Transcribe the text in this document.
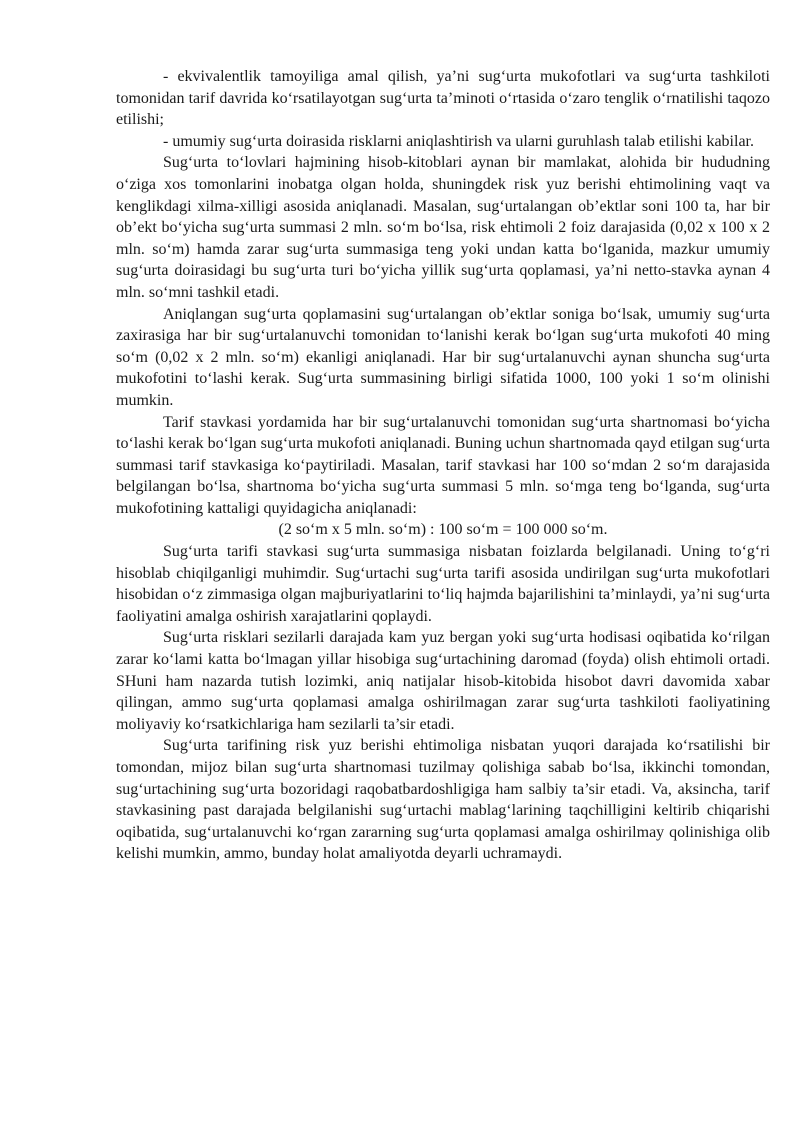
- ekvivalentlik tamoyiliga amal qilish, ya’ni sug‘urta mukofotlari va sug‘urta tashkiloti tomonidan tarif davrida ko‘rsatilayotgan sug‘urta ta’minoti o‘rtasida o‘zaro tenglik o‘rnatilishi taqozo etilishi;

- umumiy sug‘urta doirasida risklarni aniqlashtirish va ularni guruhlash talab etilishi kabilar.

Sug‘urta to‘lovlari hajmining hisob-kitoblari aynan bir mamlakat, alohida bir hududning o‘ziga xos tomonlarini inobatga olgan holda, shuningdek risk yuz berishi ehtimolining vaqt va kenglikdagi xilma-xilligi asosida aniqlanadi. Masalan, sug‘urtalangan ob’ektlar soni 100 ta, har bir ob’ekt bo‘yicha sug‘urta summasi 2 mln. so‘m bo‘lsa, risk ehtimoli 2 foiz darajasida (0,02 x 100 x 2 mln. so‘m) hamda zarar sug‘urta summasiga teng yoki undan katta bo‘lganida, mazkur umumiy sug‘urta doirasidagi bu sug‘urta turi bo‘yicha yillik sug‘urta qoplamasi, ya’ni netto-stavka aynan 4 mln. so‘mni tashkil etadi.

Aniqlangan sug‘urta qoplamasini sug‘urtalangan ob’ektlar soniga bo‘lsak, umumiy sug‘urta zaxirasiga har bir sug‘urtalanuvchi tomonidan to‘lanishi kerak bo‘lgan sug‘urta mukofoti 40 ming so‘m (0,02 x 2 mln. so‘m) ekanligi aniqlanadi. Har bir sug‘urtalanuvchi aynan shuncha sug‘urta mukofotini to‘lashi kerak. Sug‘urta summasining birligi sifatida 1000, 100 yoki 1 so‘m olinishi mumkin.

Tarif stavkasi yordamida har bir sug‘urtalanuvchi tomonidan sug‘urta shartnomasi bo‘yicha to‘lashi kerak bo‘lgan sug‘urta mukofoti aniqlanadi. Buning uchun shartnomada qayd etilgan sug‘urta summasi tarif stavkasiga ko‘paytiriladi. Masalan, tarif stavkasi har 100 so‘mdan 2 so‘m darajasida belgilangan bo‘lsa, shartnoma bo‘yicha sug‘urta summasi 5 mln. so‘mga teng bo‘lganda, sug‘urta mukofotining kattaligi quyidagicha aniqlanadi:

(2 so‘m x 5 mln. so‘m) : 100 so‘m = 100 000 so‘m.

Sug‘urta tarifi stavkasi sug‘urta summasiga nisbatan foizlarda belgilanadi. Uning to‘g‘ri hisoblab chiqilganligi muhimdir. Sug‘urtachi sug‘urta tarifi asosida undirilgan sug‘urta mukofotlari hisobidan o‘z zimmasiga olgan majburiyatlarini to‘liq hajmda bajarilishini ta’minlaydi, ya’ni sug‘urta faoliyatini amalga oshirish xarajatlarini qoplaydi.

Sug‘urta risklari sezilarli darajada kam yuz bergan yoki sug‘urta hodisasi oqibatida ko‘rilgan zarar ko‘lami katta bo‘lmagan yillar hisobiga sug‘urtachining daromad (foyda) olish ehtimoli ortadi. SHuni ham nazarda tutish lozimki, aniq natijalar hisob-kitobida hisobot davri davomida xabar qilingan, ammo sug‘urta qoplamasi amalga oshirilmagan zarar sug‘urta tashkiloti faoliyatining moliyaviy ko‘rsatkichlariga ham sezilarli ta’sir etadi.

Sug‘urta tarifining risk yuz berishi ehtimoliga nisbatan yuqori darajada ko‘rsatilishi bir tomondan, mijoz bilan sug‘urta shartnomasi tuzilmay qolishiga sabab bo‘lsa, ikkinchi tomondan, sug‘urtachining sug‘urta bozoridagi raqobatbardoshligiga ham salbiy ta’sir etadi. Va, aksincha, tarif stavkasining past darajada belgilanishi sug‘urtachi mablag‘larining taqchilligini keltirib chiqarishi oqibatida, sug‘urtalanuvchi ko‘rgan zararning sug‘urta qoplamasi amalga oshirilmay qolinishiga olib kelishi mumkin, ammo, bunday holat amaliyotda deyarli uchramaydi.
